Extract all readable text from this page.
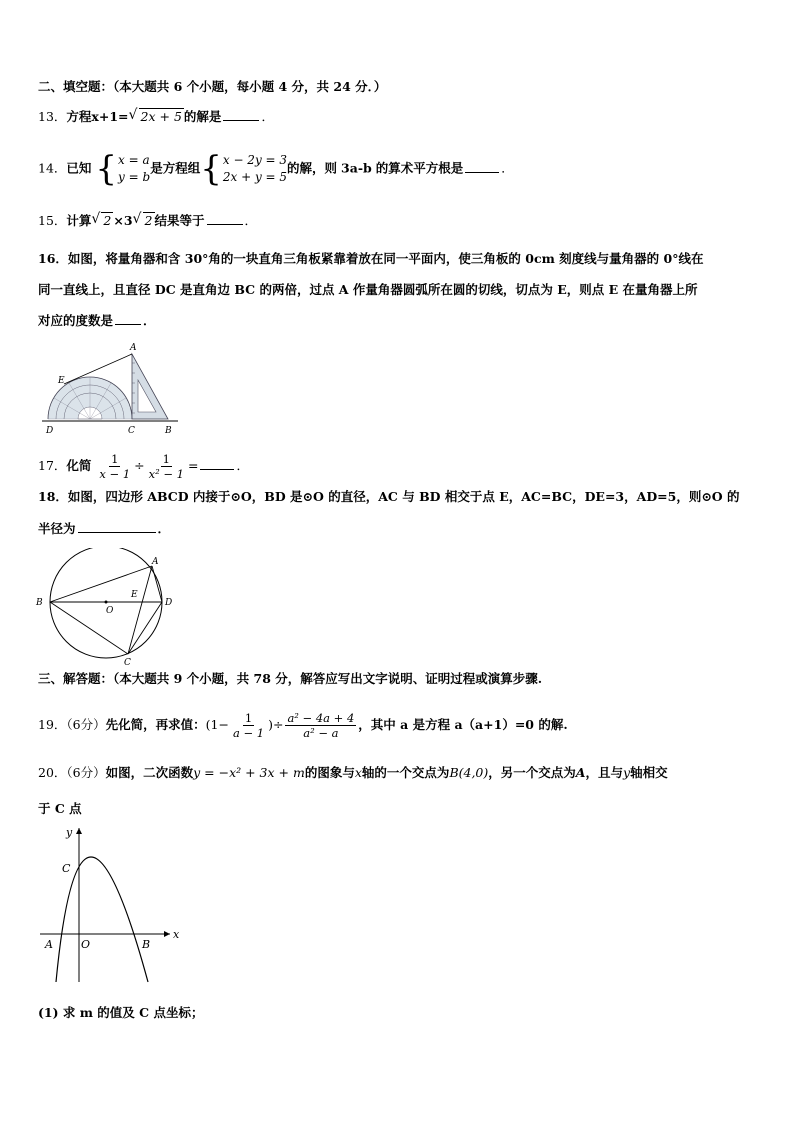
二、填空题：（本大题共 6 个小题，每小题 4 分，共 24 分．）
13．方程x+1= √ 2x + 5 的解是	．
14．已知 { x = a
y = b
是方程组 { x − 2y = 3
2x + y = 5
的解，则 3a-b 的算术平方根是	．
15．计算 √ 2 ×3 √ 2 结果等于	．
16．如图，将量角器和含 30°角的一块直角三角板紧靠着放在同一平面内，使三角板的 0cm 刻度线与量角器的 0°线在
同一直线上，且直径 DC 是直角边 BC 的两倍，过点 A 作量角器圆弧所在圆的切线，切点为 E，则点 E 在量角器上所
对应的度数是 ．
A
E
D	C	B
17．化简 $\frac{1}{x - 1} \div \frac{1}{\text{x² − 1}}$ =	．
18．如图，四边形 ABCD 内接于⊙O，BD 是⊙O 的直径，AC 与 BD 相交于点 E，AC=BC，DE=3，AD=5，则⊙O 的
半径为	．
A
B
C
D
E
O
三、解答题：（本大题共 9 个小题，共 78 分，解答应写出文字说明、证明过程或演算步骤.
19．（6分）先化简，再求值：($1- \frac{1}{a - 1}$ )÷ $\frac{\text{a² − 4a + 4}}{\text{a² − a}}$ ，其中 a 是方程 a（a+1）=0 的解.
20．（6分）如图，二次函数y = −x² + 3x + m的图象与x轴的一个交点为B(4,0)，另一个交点为A，且与y轴相交
于 C 点
y
x
C
A	O	B
(1) 求 m 的值及 C 点坐标；
